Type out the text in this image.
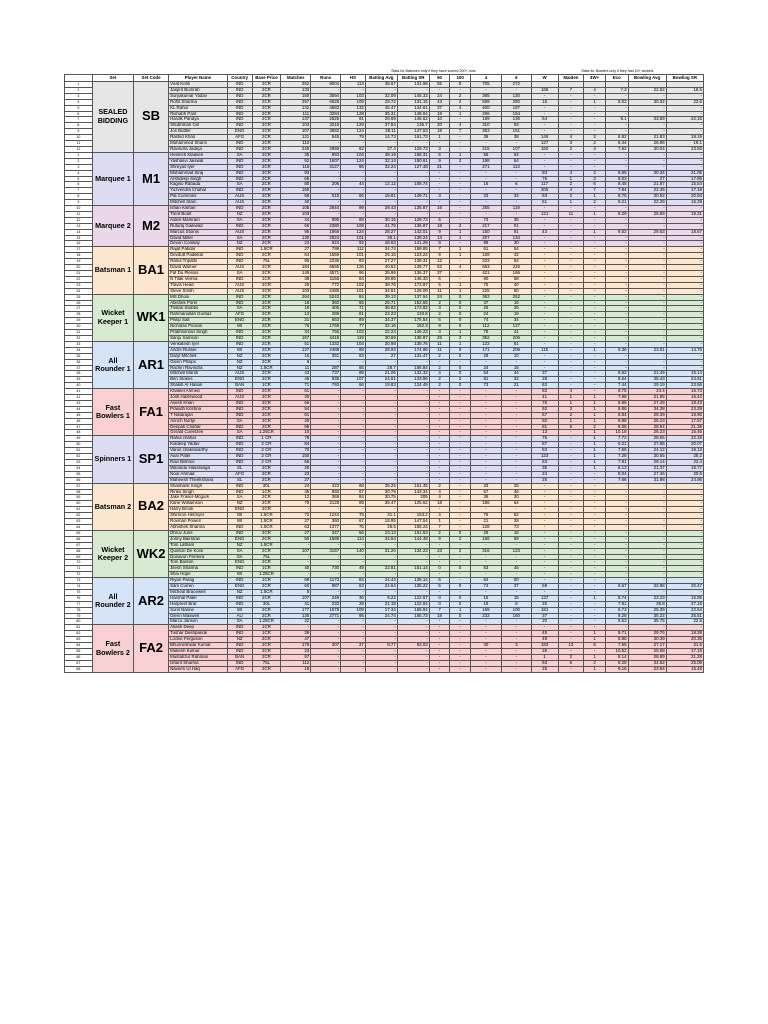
									Stats for Batsmen only if they have scored 200+ runs						Stats for Bowlers only if they had 10+ wickets					
	Set	Set Code	Player Name	Country	Base Price	Matches	Runs	HS	Batting Avg	Batting SR	50	100	4	6	W	Maiden	4W+	Eco	Bowling Avg	Bowling SR
1	SEALED BIDDING	SB	Virat Kohli	IND	2CR	252	8004	113	38.67	131.98	55	8	705	272						
2			Jasprit Bumrah	IND	2CR	133	-	-	-	-	-	-	-	-	165	7	4	7.3	22.52	18.5
3			Suryakumar Yadav	IND	2CR	150	3594	103	32.09	145.33	24	2	385	130	-	-	-	-	-	-
4			Rohit Sharma	IND	2CR	257	6628	109	29.72	131.15	43	2	599	280	15	-	1	8.02	30.02	22.6
5			KL Rahul	IND	2CR	132	4683	132	45.47	134.61	37	4	400	187	-	-	-	-	-	-
6			Rishabh Pant	IND	2CR	111	3284	128	35.31	148.94	18	1	296	154	-	-	-	-	-	-
7			Hardik Pandya	IND	2CR	137	2525	91	28.69	145.62	10	-	189	136	64	-	-	9.1	33.59	22.16
8			Shubhman Gill	IND	2CR	103	3216	129	37.84	135.7	20	4	310	93	-	-	-	-	-	-
9			Jos Buttler	ENG	2CR	107	3582	124	38.11	147.53	19	7	353	161	-	-	-	-	-	-
10			Rashid Khan	AFG	2CR	121	545	79	14.73	161.73	1	-	39	38	149	4	2	6.82	21.83	19.19
11			Mohammed Shami	IND	2CR	110	-	-	-	-	-	-	-	-	127	3	2	8.44	26.86	19.1
12			Ravindra Jadeja	IND	2CR	240	2959	62	27.4	129.73	3	-	215	107	160	2	4	7.62	30.04	23.93
1	Marquee 1	M1	Heinrich Klaasen	SA	2CR	35	993	104	38.19	168.31	6	1	56	64	-	-	-	-	-	-
2			Yashasvi Jaiswal	IND	2CR	52	1607	124	32.14	150.61	9	2	198	64	-	-	-	-	-	-
3			Shreyas Iyer	IND	2CR	115	3127	96	32.24	127.48	21	-	271	113	-	-	-	-	-	-
4			Mohammad Siraj	IND	2CR	93	-	-	-	-	-	-	-	-	93	4	2	8.65	30.34	21.05
5			Arshdeep Singh	IND	2CR	65	-	-	-	-	-	-	-	-	76	1	3	9.03	27	17.95
6			Kagiso Rabada	SA	2CR	80	206	44	12.12	108.74	-	-	16	6	117	2	6	8.48	21.87	15.54
7			Yuzvendra Chahal	IND	2CR	160	-	-	-	-	-	-	-	-	205	4	7	7.84	22.45	17.18
8			Pat Cummins	AUS	2CR	58	515	66	19.81	149.71	3	-	33	34	63	2	1	8.75	30.52	20.94
9			Mitchell Starc	AUS	2CR	40	-	-	-	-	-	-	-	-	51	1	2	8.21	22.29	16.29
10	Marquee 2	M2	Ishan Kishan	IND	2CR	105	2644	99	28.43	135.87	16	-	255	119	-	-	-	-	-	-
11			Trent Boult	NZ	2CR	103	-	-	-	-	-	-	-	-	121	11	1	8.29	26.69	19.31
12			Aiden Markram	SA	2CR	44	995	68	30.15	129.73	5	-	73	35	-	-	-	-	-	-
13			Ruturaj Gaikwad	IND	2CR	66	2380	108	41.75	136.87	18	2	217	91	-	-	-	-	-	-
14			Marcus Stoinis	AUS	2CR	96	1866	124	28.27	142.01	9	1	150	91	43	-	1	9.52	29.63	18.67
15			David Miller	SA	2CR	130	2924	101	36.1	139.24	13	1	207	134	-	-	-	-	-	-
16			Devon Conway	NZ	2CR	23	924	92	48.63	141.29	9	-	99	30	-	-	-	-	-	-
17	Batsman 1	BA1	Rajat Patidar	IND	1.5CR	27	799	112	34.74	158.85	7	1	51	54	-	-	-	-	-	-
18			Devdutt Padikkal	IND	2CR	64	1559	101	25.15	123.24	9	1	169	42	-	-	-	-	-	-
19			Rahul Tripathi	IND	75L	95	2236	93	27.27	139.31	12	-	223	84	-	-	-	-	-	-
20			David Warner	AUS	2CR	184	6565	126	40.52	139.77	62	4	663	226	-	-	-	-	-	-
21			Faf Du Plessis	SA	2CR	145	4571	96	35.99	136.37	37	-	421	166	-	-	-	-	-	-
22			N Tilak Verma	IND	1CR	38	1156	84	39.86	146.33	6	-	90	58	-	-	-	-	-	-
23			Travis Head	AUS	2CR	25	772	102	38.76	173.87	5	1	76	40	-	-	-	-	-	-
24			Steve Smith	AUS	2CR	103	2485	101	34.51	128.09	11	1	225	60	-	-	-	-	-	-
25	Wicket Keeper 1	WK1	MS Dhoni	IND	2CR	264	5243	84	39.13	137.54	24	0	363	252	-	-	-	-	-	-
26			Abishek Porel	IND	2CR	18	360	65	25.71	152.55	2	0	37	15	-	-	-	-	-	-
27			Tristan Stubbs	SA	2CR	18	405	71	36.82	173.82	3	0	26	26	-	-	-	-	-	-
28			Rahmanullah Gurbaz	AFG	2CR	13	289	81	22.23	133.8	2	0	24	19	-	-	-	-	-	-
29			Philip Salt	ENG	2CR	21	653	89	34.37	175.54	6	0	74	34	-	-	-	-	-	-
30			Nicholas Pooran	WI	2CR	76	1769	77	32.16	162.3	9	0	112	127	-	-	-	-	-	-
31			Prabhsimran Singh	IND	2CR	34	756	103	22.24	146.23	3	1	78	41	-	-	-	-	-	-
32			Sanju Samson	IND	2CR	167	4419	119	30.69	138.97	25	3	352	206	-	-	-	-	-	-
33	All Rounder 1	AR1	Venkatesh Iyer	IND	2CR	51	1332	104	30.98	138.76	11	1	122	61	-	-	-	-	-	-
34			Andre Russel	WI	2CR	127	2488	88	28.93	174.85	11	0	171	209	115	-	1	9.36	23.01	14.76
35			Daryl Mitchell	NZ	2CR	15	351	63	27	131.47	2	0	28	10	-	-	-	-	-	-
36			Glenn Philips	NZ	2CR	8	-	-	-	-	-	-	-	-	-	-	-	-	-	-
37			Rachin Ravindra	NZ	1.5CR	11	287	65	28.7	156.84	2	0	24	16	-	-	-	-	-	-
38			Mitchell Marsh	AUS	2CR	43	737	89	21.06	132.32	4	0	54	44	37	-	-	8.52	21.49	15.14
39			Ben Stokes	ENG	2CR	45	935	107	24.61	133.96	2	2	81	32	28	-	-	8.64	35.43	24.61
40			Shakib Al Hasan	BAN	1CR	71	793	66	19.83	124.49	2	0	73	21	63	-	-	7.44	29.19	23.56
41	Fast Bowlers 1	FA1	Khaleel Ahmed	IND	2CR	61	-	-	-	-	-	-	-	-	82	4	-	8.75	24.4	16.73
42			Josh Hazlewood	AUS	2CR	30	-	-	-	-	-	-	-	-	41	1	1	7.98	21.85	16.44
43			Avesh Khan	IND	2CR	66	-	-	-	-	-	-	-	-	76	1	1	8.95	27.49	18.43
44			Prasidh Krishna	IND	2CR	54	-	-	-	-	-	-	-	-	52	3	1	8.86	34.38	23.29
45			T Natarajan	IND	2CR	61	-	-	-	-	-	-	-	-	67	2	1	8.84	29.39	19.96
46			Anrich Nortje	SA	2CR	40	-	-	-	-	-	-	-	-	60	1	1	8.98	26.23	17.57
47			Deepak Chahar	IND	2CR	85	-	-	-	-	-	-	-	-	81	6	2	8.05	28.64	21.35
48			Gerald Coeetzee	SA	1.25CR	10	-	-	-	-	-	-	-	-	13	-	1	10.18	26.23	15.46
49	Spinners 1	SP1	Rahul chahar	IND	1 CR	78	-	-	-	-	-	-	-	-	75	-	1	7.72	28.55	22.19
50			Kuldeep Yadav	IND	2 CR	84	-	-	-	-	-	-	-	-	87	-	1	8.21	27.65	20.07
51			Varun chakravarthy	IND	2 CR	70	-	-	-	-	-	-	-	-	83	-	1	7.56	24.12	19.13
52			Axar Patel	IND	2 CR	150	-	-	-	-	-	-	-	-	123	-	1	7.28	30.55	25.2
53			Ravi Bishnoi	IND	2 CR	66	-	-	-	-	-	-	-	-	63	-	1	7.81	29.14	22.4
54			Wanindu Hasaranga	SL	2CR	26	-	-	-	-	-	-	-	-	35	-	1	8.13	21.37	15.77
55			Noor Ahmad	AFG	2CR	23	-	-	-	-	-	-	-	-	24	-	-	8.04	27.46	20.5
56			Maheesh Theekshana	SL	2CR	27	-	-	-	-	-	-	-	-	25	-	-	7.66	31.88	24.96
57	Batsman 2	BA2	Shashank Singh	IND	30L	24	423	68	35.25	161.45	2	-	33	25	-	-	-	-	-	-
58			Rinku Singh	IND	1CR	45	893	67	30.79	143.34	4	-	67	46	-	-	-	-	-	-
59			Jake Fraser-Mcgurk	SA	2CR	12	369	84	30.75	205	4	-	36	30	-	-	-	-	-	-
60			Kane Williamson	NZ	2CR	79	2128	89	35.47	125.62	18	-	186	64	-	-	-	-	-	-
61			Harry Brook	ENG	2CR	-	-	-	-	-	-	-	-	-	-	-	-	-	-	-
62			Shimron Hetmyer	WI	1.5CR	72	1244	75	31.1	153.2	4	-	76	82	-	-	-	-	-	-
63			Rovman Powell	WI	1.5CR	27	360	67	18.95	147.54	1	-	21	28	-	-	-	-	-	-
64			Abhishek Sharma	IND	1.5CR	63	1377	75	25.5	155.24	7	-	128	73	-	-	-	-	-	-
65	Wicket Keeper 2	WK2	Dhruv Jurel	IND	2CR	27	347	56	23.13	151.53	2	0	29	16	-	-	-	-	-	-
66			Jonny Bairstow	ENG	2CR	50	1589	114	34.54	144.48	9	2	166	69	-	-	-	-	-	-
67			Tom Latham	NZ	1.5CR	-	-	-	-	-	-	-	-	-	-	-	-	-	-	-
68			Quinton De Kock	SA	2CR	107	3157	140	31.26	134.23	23	2	316	123	-	-	-	-	-	-
69			Donavon Ferreira	SA	75L	-	-	-	-	-	-	-	-	-	-	-	-	-	-	-
70			Tom Banton	ENG	2CR	-	-	-	-	-	-	-	-	-	-	-	-	-	-	-
71			Jitesh Sharma	IND	1CR	40	730	49	22.81	151.14	0	0	53	45	-	-	-	-	-	-
72			Shai Hope	WI	1.25CR	-	-	-	-	-	-	-	-	-	-	-	-	-	-	-
73	All Rounder 2	AR2	Riyan Parag	IND	1CR	69	1173	84	24.44	135.14	6	-	84	60	-	-	-	-	-	-
74			Sam Curren	ENG	2CR	60	887	63	24.64	135.22	5	0	74	37	58	-	-	8.67	32.98	20.47
75			Micheal Bracewell	NZ	1.5CR	5	-	-	-	-	-	-	-	-	-	-	-	-	-	-
76			Harshal Patel	IND	2CR	107	249	36	9.22	122.67	0	0	16	15	137	-	1	8.74	23.23	15.95
77			Harpreet Brar	IND	30L	41	233	29	21.18	122.64	0	0	19	9	25	-	-	7.91	35.8	27.16
78			Sunil Narine	WI	2CR	177	1578	109	17.34	165.94	7	1	169	100	181	-	-	6.73	25.39	22.64
79			Glenn Maxwell	AU	2CR	135	2771	95	24.74	156.73	18	0	232	160	37	-	-	8.28	35.22	25.51
80			Marco Jansen	SA	1.25CR	22	-	-	-	-	-	-	-	-	20	-	-	9.53	35.75	22.5
81	Fast Bowlers 2	FA2	Akash Deep	IND	1CR	-	-	-	-	-	-	-	-	-	-	-	-	-	-	-
82			Tushar Deshpande	IND	1CR	39	-	-	-	-	-	-	-	-	45	-	1	9.71	29.76	18.38
83			Lockie Ferguson	NZ	2CR	47	-	-	-	-	-	-	-	-	49	-	1	8.96	30.39	20.35
84			Bhuvneshwar Kumar	IND	2CR	176	307	27	8.77	93.03	-	-	30	3	183	13	6	7.55	27.17	21.6
85			Mukesh Kumar	IND	2CR	23	-	-	-	-	-	-	-	-	26	-	-	10.52	29.58	17.19
86			Mustafizur Rahman	BAN	2CR	57	-	-	-	-	-	-	-	-	1	2	1	8.14	28.89	21.28
87			Ishant Sharma	IND	75L	112	-	-	-	-	-	-	-	-	93	6	2	8.28	34.62	25.09
88			Naveen Ul Haq	AFG	2CR	18	-	-	-	-	-	-	-	-	25	-	1	9.16	23.84	15.48
